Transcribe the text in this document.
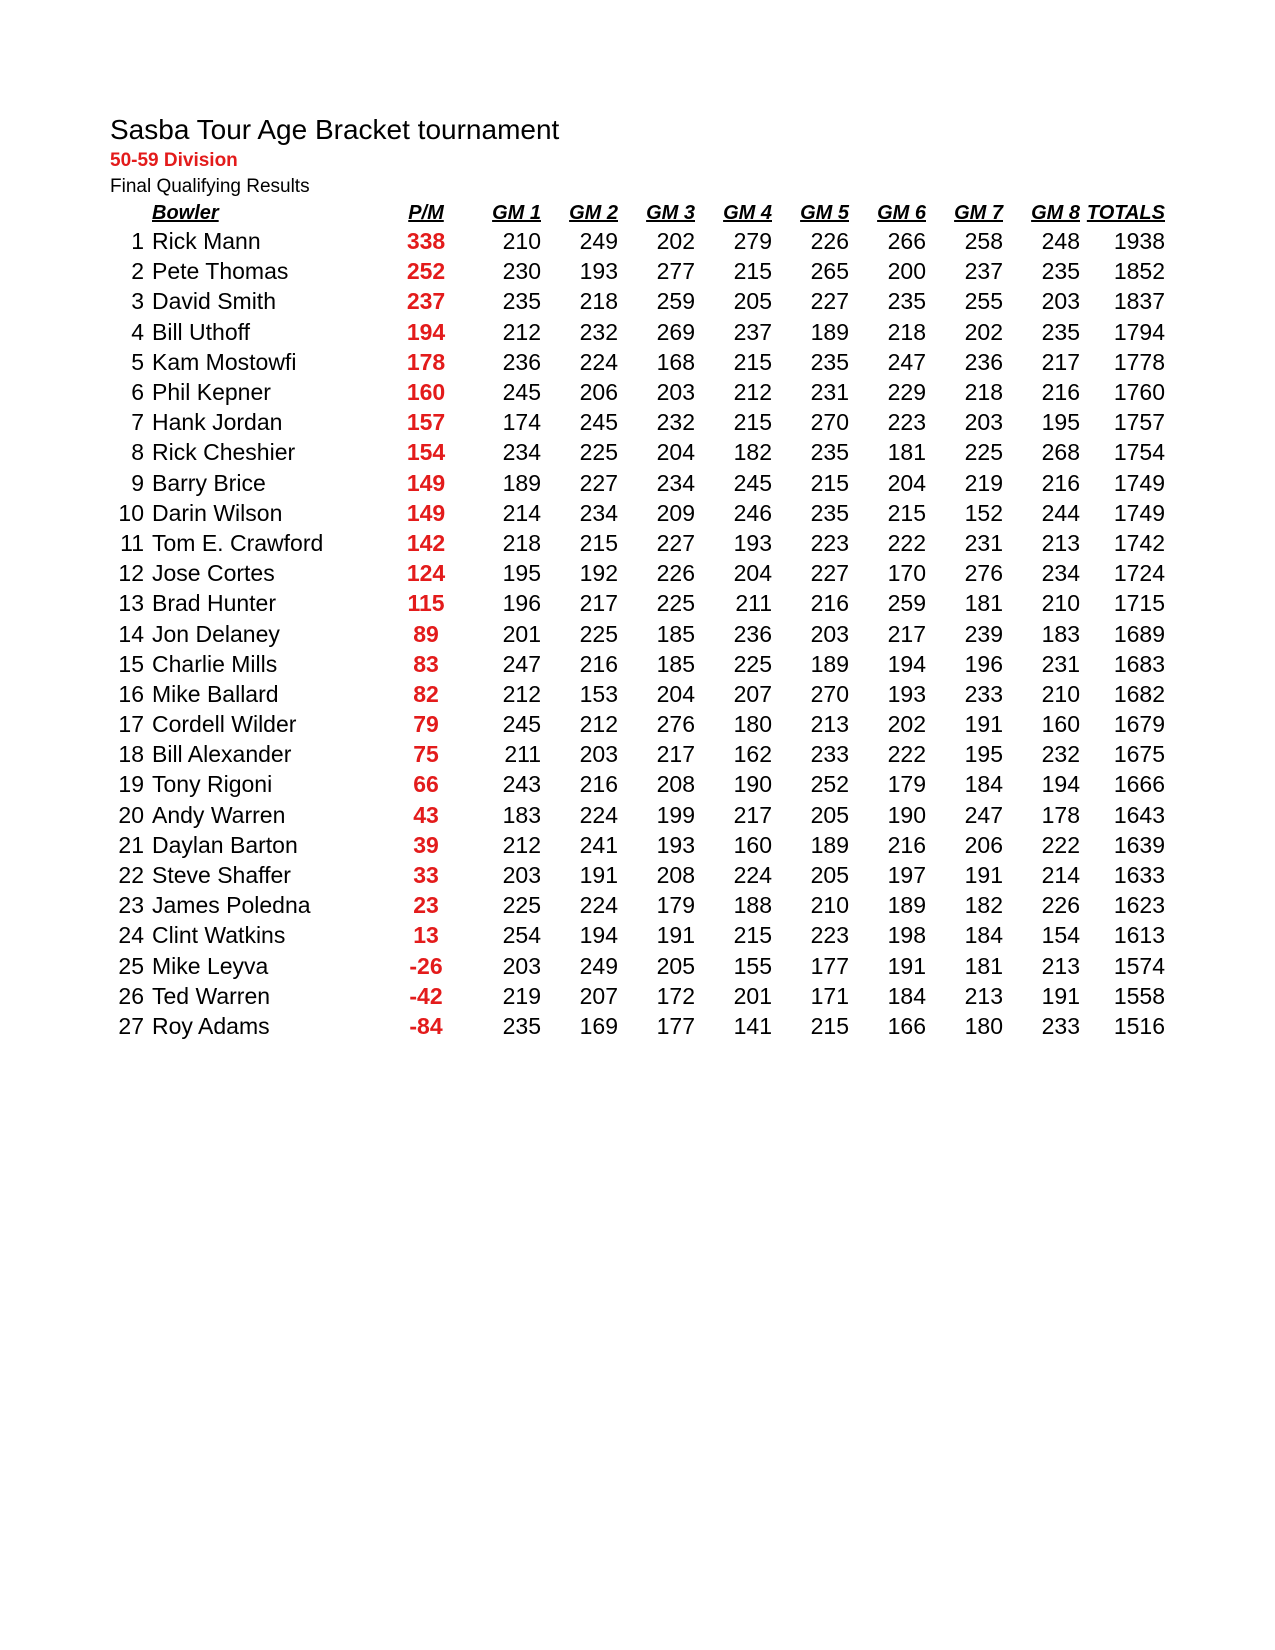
Sasba Tour Age Bracket tournament
50-59 Division
Final Qualifying Results
	Bowler	P/M	GM 1	GM 2	GM 3	GM 4	GM 5	GM 6	GM 7	GM 8	TOTALS
1	Rick Mann	338	210	249	202	279	226	266	258	248	1938
2	Pete Thomas	252	230	193	277	215	265	200	237	235	1852
3	David Smith	237	235	218	259	205	227	235	255	203	1837
4	Bill Uthoff	194	212	232	269	237	189	218	202	235	1794
5	Kam Mostowfi	178	236	224	168	215	235	247	236	217	1778
6	Phil Kepner	160	245	206	203	212	231	229	218	216	1760
7	Hank Jordan	157	174	245	232	215	270	223	203	195	1757
8	Rick Cheshier	154	234	225	204	182	235	181	225	268	1754
9	Barry Brice	149	189	227	234	245	215	204	219	216	1749
10	Darin Wilson	149	214	234	209	246	235	215	152	244	1749
11	Tom E. Crawford	142	218	215	227	193	223	222	231	213	1742
12	Jose Cortes	124	195	192	226	204	227	170	276	234	1724
13	Brad Hunter	115	196	217	225	211	216	259	181	210	1715
14	Jon Delaney	89	201	225	185	236	203	217	239	183	1689
15	Charlie Mills	83	247	216	185	225	189	194	196	231	1683
16	Mike Ballard	82	212	153	204	207	270	193	233	210	1682
17	Cordell Wilder	79	245	212	276	180	213	202	191	160	1679
18	Bill Alexander	75	211	203	217	162	233	222	195	232	1675
19	Tony Rigoni	66	243	216	208	190	252	179	184	194	1666
20	Andy Warren	43	183	224	199	217	205	190	247	178	1643
21	Daylan Barton	39	212	241	193	160	189	216	206	222	1639
22	Steve Shaffer	33	203	191	208	224	205	197	191	214	1633
23	James Poledna	23	225	224	179	188	210	189	182	226	1623
24	Clint Watkins	13	254	194	191	215	223	198	184	154	1613
25	Mike Leyva	-26	203	249	205	155	177	191	181	213	1574
26	Ted Warren	-42	219	207	172	201	171	184	213	191	1558
27	Roy Adams	-84	235	169	177	141	215	166	180	233	1516
